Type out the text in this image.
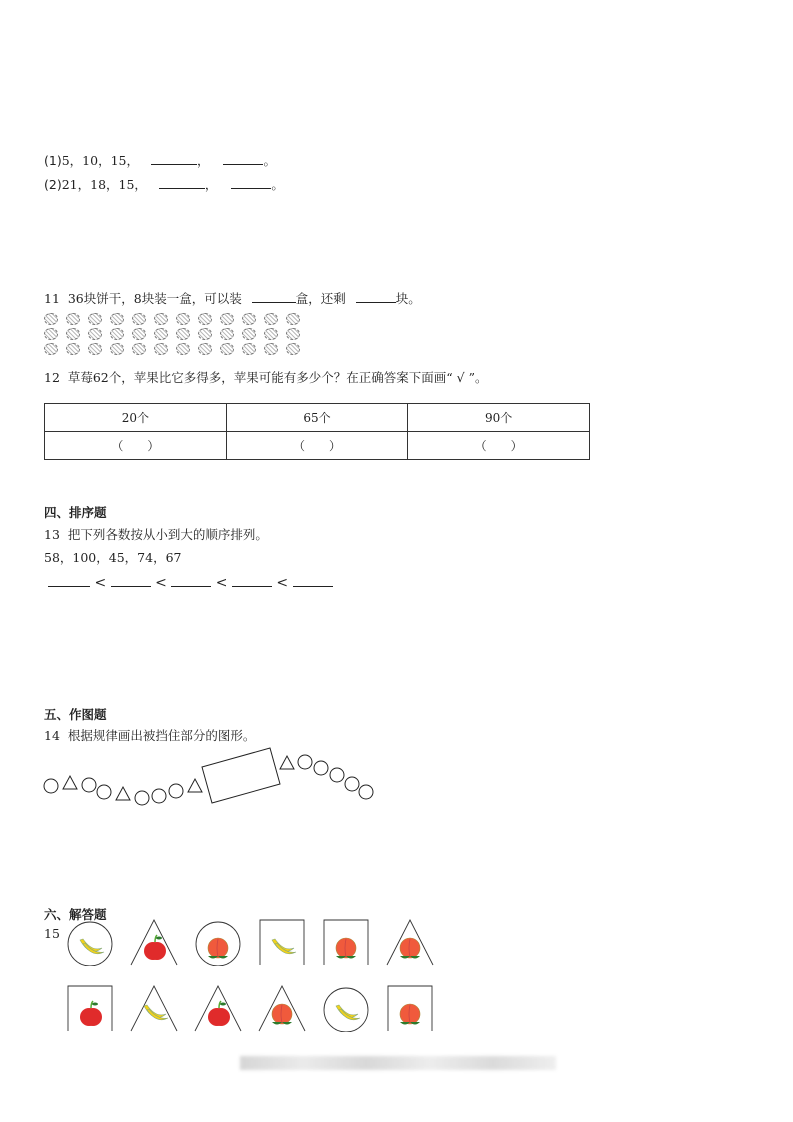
(1)5，10，15，	，	。
(2)21，18，15，	，	。
11 36块饼干，8块装一盒，可以装	盒，还剩	块。
12 草莓62个，苹果比它多得多，苹果可能有多少个？在正确答案下面画“ √ ”。
20个	65个	90个
（　　）	（　　）	（　　）
四、排序题
13 把下列各数按从小到大的顺序排列。
58，100，45，74，67
<	<	<	<
五、作图题
14 根据规律画出被挡住部分的图形。
六、解答题
15
